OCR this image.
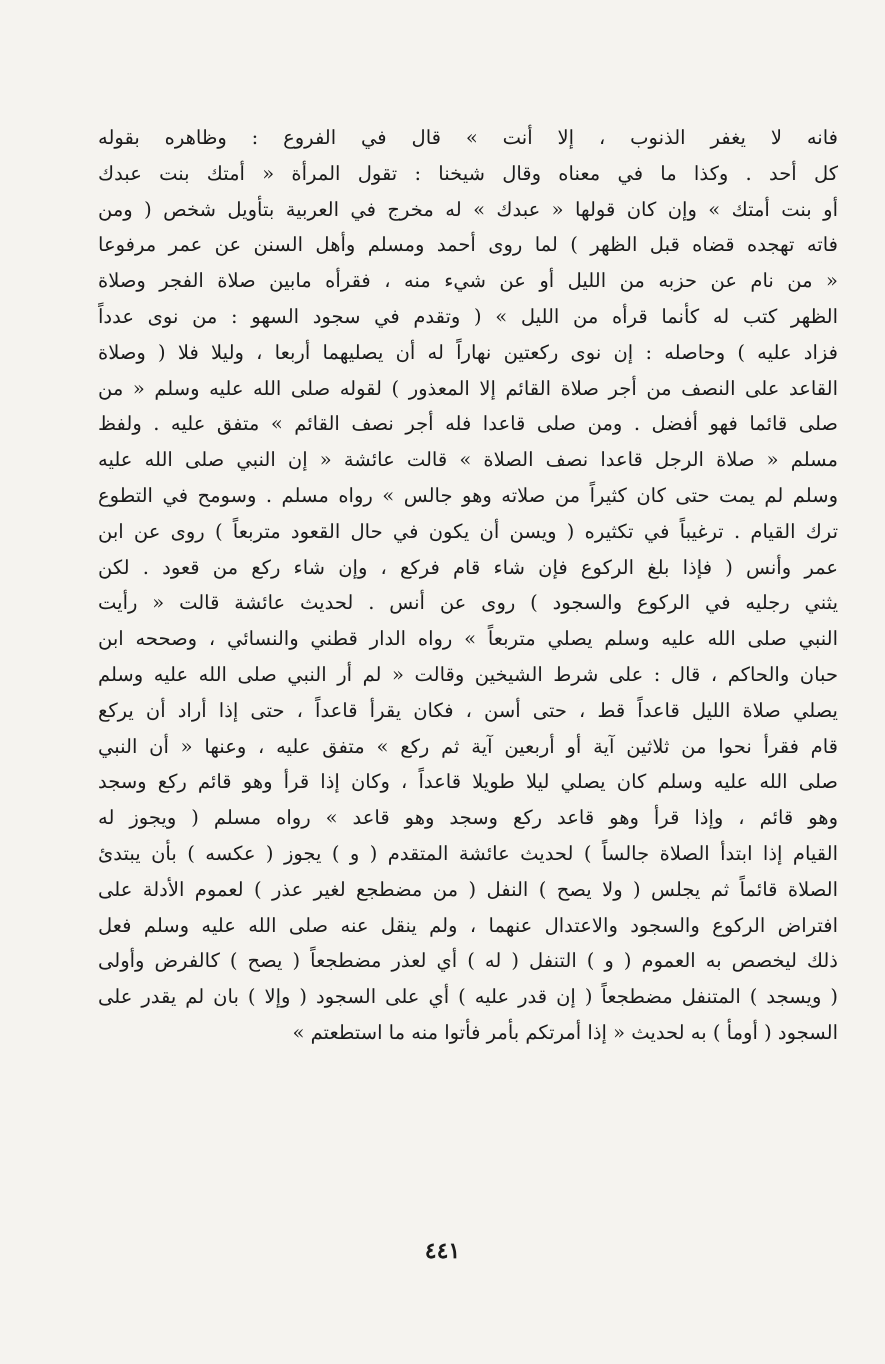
فانه لا يغفر الذنوب ، إلا أنت » قال في الفروع : وظاهره بقوله
كل أحد . وكذا ما في معناه وقال شيخنا : تقول المرأة « أمتك بنت عبدك
أو بنت أمتك » وإن كان قولها « عبدك » له مخرج في العربية بتأويل شخص ( ومن
فاته تهجده قضاه قبل الظهر ) لما روى أحمد ومسلم وأهل السنن عن عمر مرفوعا
« من نام عن حزبه من الليل أو عن شيء منه ، فقرأه مابين صلاة الفجر وصلاة
الظهر كتب له كأنما قرأه من الليل » ( وتقدم في سجود السهو : من نوى عدداً
فزاد عليه ) وحاصله : إن نوى ركعتين نهاراً له أن يصليهما أربعا ، وليلا فلا ( وصلاة
القاعد على النصف من أجر صلاة القائم إلا المعذور ) لقوله صلى الله عليه وسلم « من
صلى قائما فهو أفضل . ومن صلى قاعدا فله أجر نصف القائم » متفق عليه . ولفظ
مسلم « صلاة الرجل قاعدا نصف الصلاة » قالت عائشة « إن النبي صلى الله عليه
وسلم لم يمت حتى كان كثيراً من صلاته وهو جالس » رواه مسلم . وسومح في التطوع
ترك القيام . ترغيباً في تكثيره ( ويسن أن يكون في حال القعود متربعاً ) روى عن ابن
عمر وأنس ( فإذا بلغ الركوع فإن شاء قام فركع ، وإن شاء ركع من قعود . لكن
يثني رجليه في الركوع والسجود ) روى عن أنس . لحديث عائشة قالت « رأيت
النبي صلى الله عليه وسلم يصلي متربعاً » رواه الدار قطني والنسائي ، وصححه ابن
حبان والحاكم ، قال : على شرط الشيخين وقالت « لم أر النبي صلى الله عليه وسلم
يصلي صلاة الليل قاعداً قط ، حتى أسن ، فكان يقرأ قاعداً ، حتى إذا أراد أن يركع
قام فقرأ نحوا من ثلاثين آية أو أربعين آية ثم ركع » متفق عليه ، وعنها « أن النبي
صلى الله عليه وسلم كان يصلي ليلا طويلا قاعداً ، وكان إذا قرأ وهو قائم ركع وسجد
وهو قائم ، وإذا قرأ وهو قاعد ركع وسجد وهو قاعد » رواه مسلم ( ويجوز له
القيام إذا ابتدأ الصلاة جالساً ) لحديث عائشة المتقدم ( و ) يجوز ( عكسه ) بأن يبتدئ
الصلاة قائماً ثم يجلس ( ولا يصح ) النفل ( من مضطجع لغير عذر ) لعموم الأدلة على
افتراض الركوع والسجود والاعتدال عنهما ، ولم ينقل عنه صلى الله عليه وسلم فعل
ذلك ليخصص به العموم ( و ) التنفل ( له ) أي لعذر مضطجعاً ( يصح ) كالفرض وأولى
( ويسجد ) المتنفل مضطجعاً ( إن قدر عليه ) أي على السجود ( وإلا ) بان لم يقدر على
السجود ( أومأ ) به لحديث « إذا أمرتكم بأمر فأتوا منه ما استطعتم »
٤٤١
